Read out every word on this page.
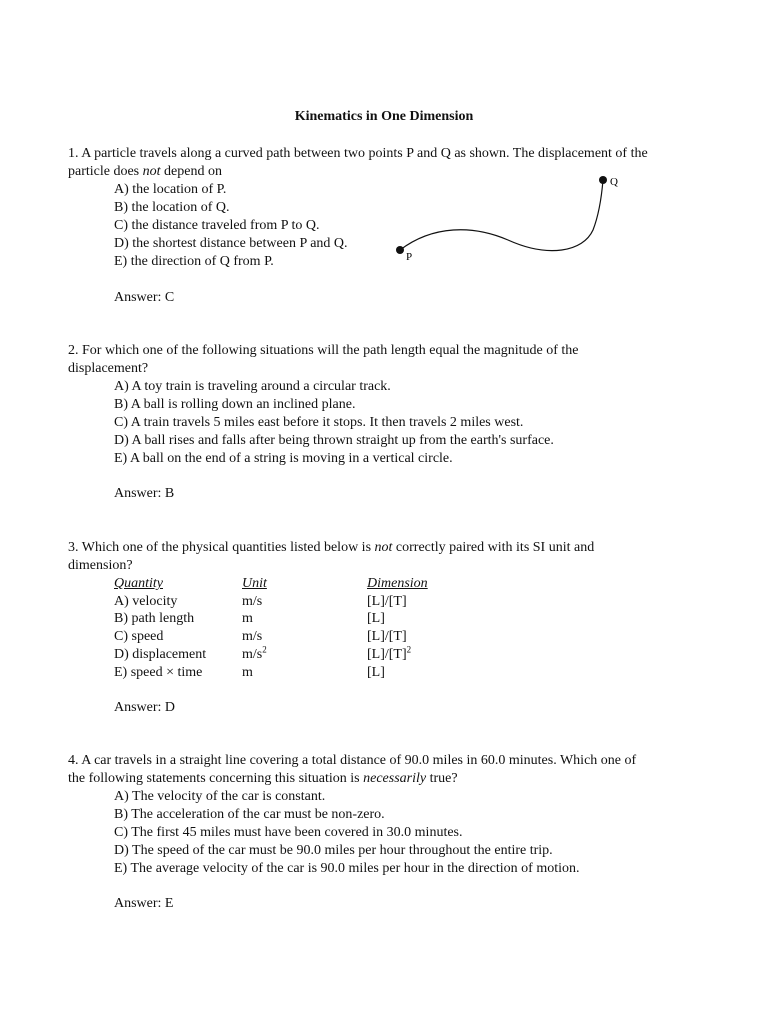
Kinematics in One Dimension
1. A particle travels along a curved path between two points P and Q as shown. The displacement of the
particle does not depend on
A) the location of P.
B) the location of Q.
C) the distance traveled from P to Q.
D) the shortest distance between P and Q.
E) the direction of Q from P.
Answer: C
P
Q
2. For which one of the following situations will the path length equal the magnitude of the
displacement?
A) A toy train is traveling around a circular track.
B) A ball is rolling down an inclined plane.
C) A train travels 5 miles east before it stops. It then travels 2 miles west.
D) A ball rises and falls after being thrown straight up from the earth's surface.
E) A ball on the end of a string is moving in a vertical circle.
Answer: B
3. Which one of the physical quantities listed below is not correctly paired with its SI unit and
dimension?
Quantity	Unit	Dimension
A) velocity	m/s	[L]/[T]
B) path length	m	[L]
C) speed	m/s	[L]/[T]
D) displacement	$m/s^2$	$[L]/[T]^2$
E) speed × time	m	[L]
Answer: D
4. A car travels in a straight line covering a total distance of 90.0 miles in 60.0 minutes. Which one of
the following statements concerning this situation is necessarily true?
A) The velocity of the car is constant.
B) The acceleration of the car must be non-zero.
C) The first 45 miles must have been covered in 30.0 minutes.
D) The speed of the car must be 90.0 miles per hour throughout the entire trip.
E) The average velocity of the car is 90.0 miles per hour in the direction of motion.
Answer: E
